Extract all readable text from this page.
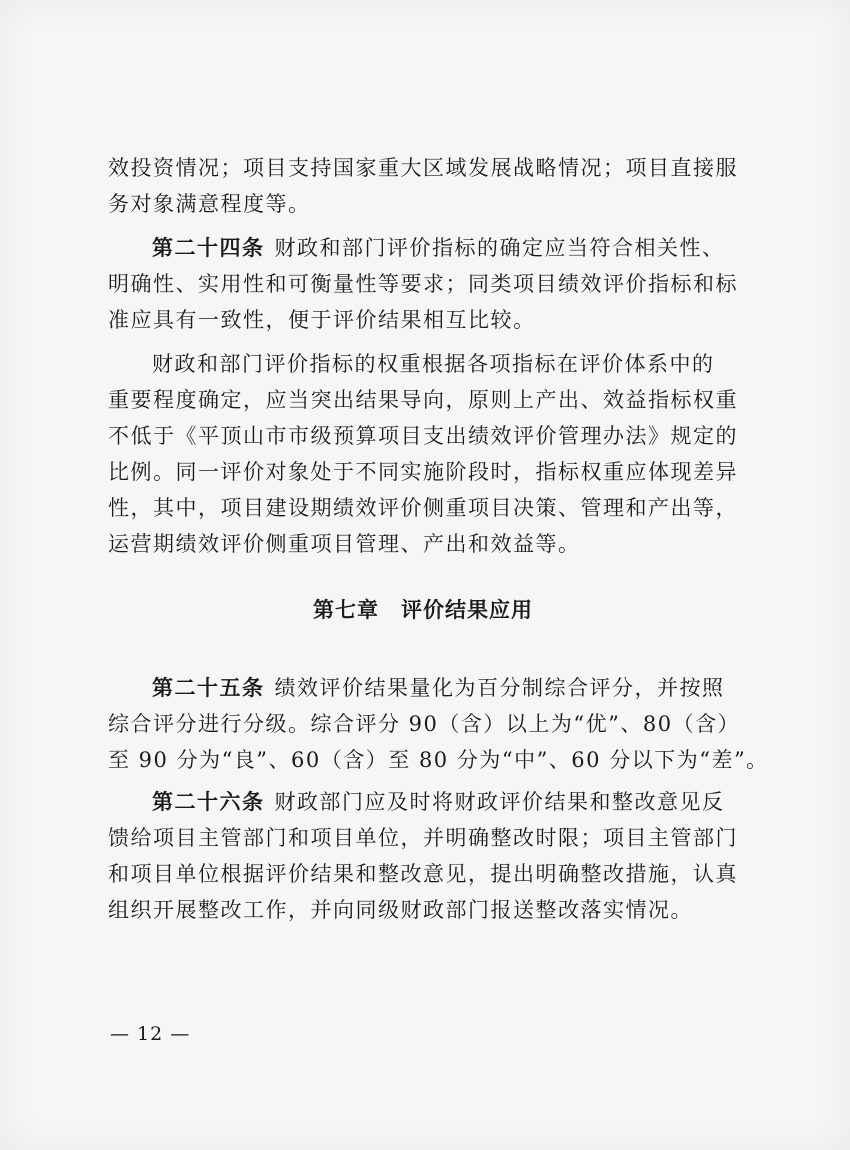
效投资情况；项目支持国家重大区域发展战略情况；项目直接服
务对象满意程度等。
第二十四条 财政和部门评价指标的确定应当符合相关性、
明确性、实用性和可衡量性等要求；同类项目绩效评价指标和标
准应具有一致性，便于评价结果相互比较。
财政和部门评价指标的权重根据各项指标在评价体系中的
重要程度确定，应当突出结果导向，原则上产出、效益指标权重
不低于《平顶山市市级预算项目支出绩效评价管理办法》规定的
比例。同一评价对象处于不同实施阶段时，指标权重应体现差异
性，其中，项目建设期绩效评价侧重项目决策、管理和产出等，
运营期绩效评价侧重项目管理、产出和效益等。
第七章　评价结果应用
第二十五条 绩效评价结果量化为百分制综合评分，并按照
综合评分进行分级。综合评分 90（含）以上为“优”、80（含）
至 90 分为“良”、60（含）至 80 分为“中”、60 分以下为“差”。
第二十六条 财政部门应及时将财政评价结果和整改意见反
馈给项目主管部门和项目单位，并明确整改时限；项目主管部门
和项目单位根据评价结果和整改意见，提出明确整改措施，认真
组织开展整改工作，并向同级财政部门报送整改落实情况。
— 12 —
